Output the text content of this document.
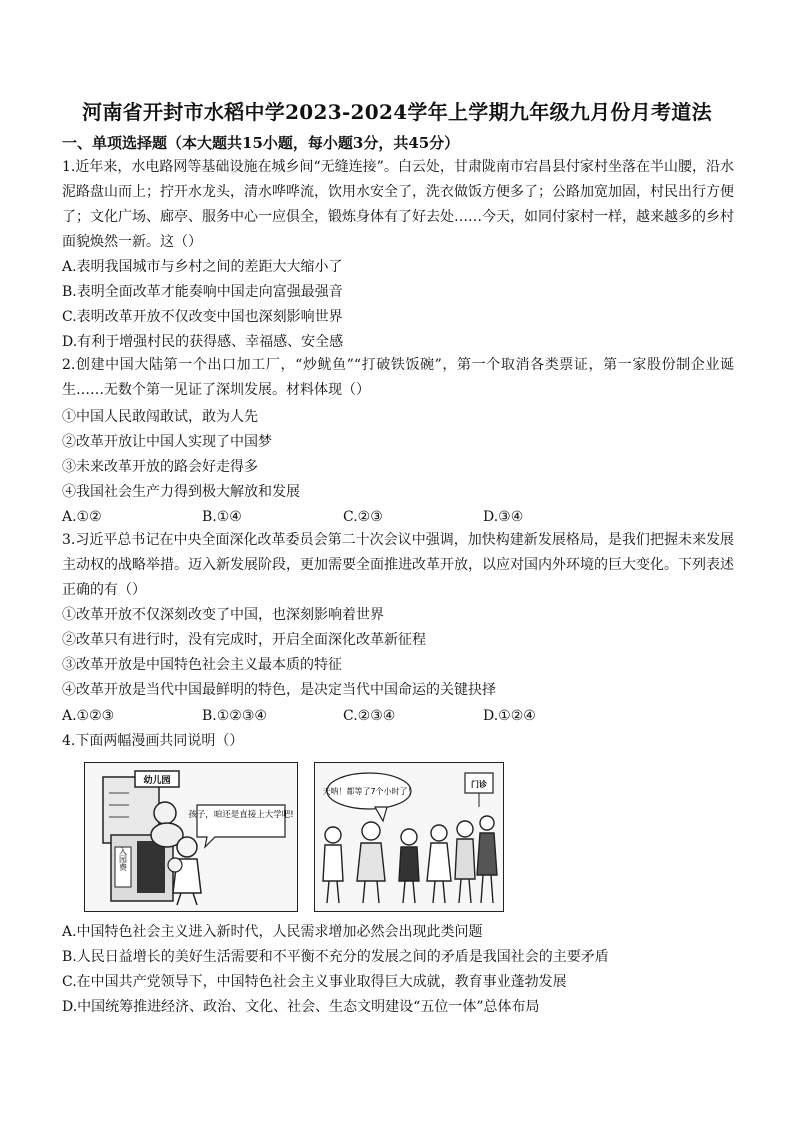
河南省开封市水稻中学2023-2024学年上学期九年级九月份月考道法
一、单项选择题（本大题共15小题，每小题3分，共45分）
1.近年来，水电路网等基础设施在城乡间“无缝连接”。白云处，甘肃陇南市宕昌县付家村坐落在半山腰，沿水泥路盘山而上；拧开水龙头，清水哗哗流，饮用水安全了，洗衣做饭方便多了；公路加宽加固，村民出行方便了；文化广场、廊亭、服务中心一应俱全，锻炼身体有了好去处……今天，如同付家村一样，越来越多的乡村面貌焕然一新。这（）
A.表明我国城市与乡村之间的差距大大缩小了
B.表明全面改革才能奏响中国走向富强最强音
C.表明改革开放不仅改变中国也深刻影响世界
D.有利于增强村民的获得感、幸福感、安全感
2.创建中国大陆第一个出口加工厂，“炒鱿鱼”“打破铁饭碗”，第一个取消各类票证，第一家股份制企业诞生……无数个第一见证了深圳发展。材料体现（）
①中国人民敢闯敢试，敢为人先
②改革开放让中国人实现了中国梦
③未来改革开放的路会好走得多
④我国社会生产力得到极大解放和发展
A.①②	B.①④	C.②③	D.③④
3.习近平总书记在中央全面深化改革委员会第二十次会议中强调，加快构建新发展格局，是我们把握未来发展主动权的战略举措。迈入新发展阶段，更加需要全面推进改革开放，以应对国内外环境的巨大变化。下列表述正确的有（）
①改革开放不仅深刻改变了中国，也深刻影响着世界
②改革只有进行时，没有完成时，开启全面深化改革新征程
③改革开放是中国特色社会主义最本质的特征
④改革开放是当代中国最鲜明的特色，是决定当代中国命运的关键抉择
A.①②③	B.①②③④	C.②③④	D.①②④
4.下面两幅漫画共同说明（）
幼儿园
入园费
孩子，咱还是直接上大学吧!
天呐！都等了7个小时了！
门诊
A.中国特色社会主义进入新时代，人民需求增加必然会出现此类问题
B.人民日益增长的美好生活需要和不平衡不充分的发展之间的矛盾是我国社会的主要矛盾
C.在中国共产党领导下，中国特色社会主义事业取得巨大成就，教育事业蓬勃发展
D.中国统筹推进经济、政治、文化、社会、生态文明建设“五位一体”总体布局
